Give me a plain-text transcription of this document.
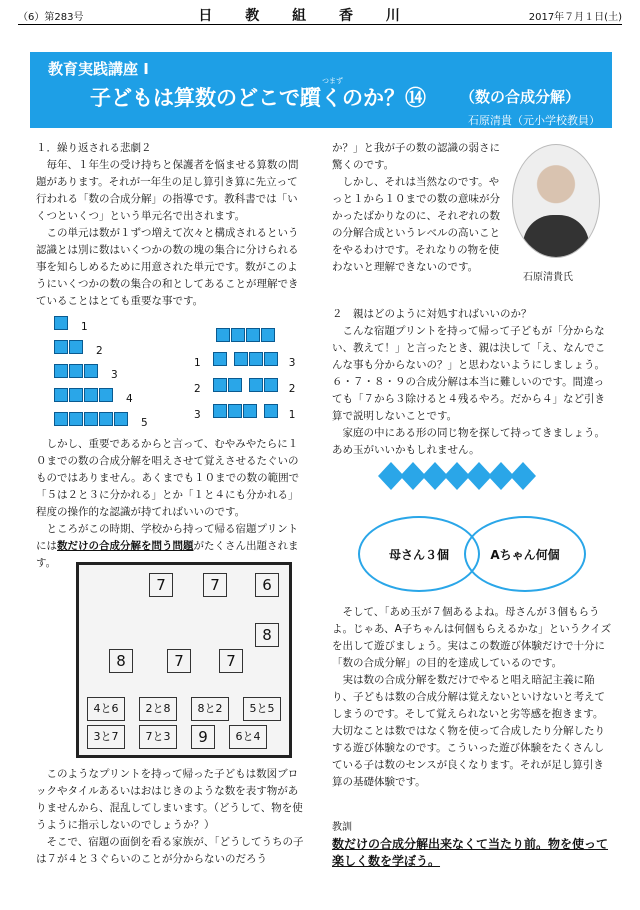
（6）第283号	日 教 組 香 川	2017年７月１日(土)
教育実践講座 Ⅰ
つまず
子どもは算数のどこで躓くのか？⑭ （数の合成分解）
石原清貴（元小学校教員）

１．繰り返される悲劇２

毎年、１年生の受け持ちと保護者を悩ませる算数の問題があります。それが一年生の足し算引き算に先立って行われる「数の合成分解」の指導です。教科書では「いくつといくつ」という単元名で出されます。

この単元は数が１ずつ増えて次々と構成されるという認識とは別に数はいくつかの数の塊の集合に分けられる事を知らしめるために用意された単元です。数がこのようにいくつかの数の集合の和としてあることが理解できていることはとても重要な事です。

1
2
3
4
5
1	3
2	2
3	1

しかし、重要であるからと言って、むやみやたらに１０までの数の合成分解を唱えさせて覚えさせるたぐいのものではありません。あくまでも１０までの数の範囲で「５は２と３に分かれる」とか「１と４にも分かれる」程度の操作的な認識が持てればいいのです。

ところがこの時期、学校から持って帰る宿題プリントには数だけの合成分解を問う問題がたくさん出題されます。

7	7	6
8	7	7
8
4と6	2と8	8と2	5と5
3と7	7と3	9	6と4

このようなプリントを持って帰った子どもは数図ブロックやタイルあるいはおはじきのような数を表す物がありませんから、混乱してしまいます。（どうして、物を使うように指示しないのでしょうか？）

そこで、宿題の面倒を看る家族が、「どうしてうちの子は７が４と３ぐらいのことが分からないのだろう

か？」と我が子の数の認識の弱さに驚くのです。

しかし、それは当然なのです。やっと１から１０までの数の意味が分かったばかりなのに、それぞれの数の分解合成というレベルの高いことをやるわけです。それなりの物を使わないと理解できないのです。

石原清貴氏

２　親はどのように対処すればいいのか？

こんな宿題プリントを持って帰って子どもが「分からない、教えて！」と言ったとき、親は決して「え、なんでこんな事も分からないの？」と思わないようにしましょう。６・７・８・９の合成分解は本当に難しいのです。間違っても「７から３除けると４残るやろ。だから４」など引き算で説明しないことです。

家庭の中にある形の同じ物を探して持ってきましょう。あめ玉がいいかもしれません。

母さん３個	Aちゃん何個

そして、「あめ玉が７個あるよね。母さんが３個もらうよ。じゃあ、A子ちゃんは何個もらえるかな」というクイズを出して遊びましょう。実はこの数遊び体験だけで十分に「数の合成分解」の目的を達成しているのです。

実は数の合成分解を数だけでやると唱え暗記主義に陥り、子どもは数の合成分解は覚えないといけないと考えてしまうのです。そして覚えられないと劣等感を抱きます。大切なことは数ではなく物を使って合成したり分解したりする遊び体験なのです。こういった遊び体験をたくさんしている子は数のセンスが良くなります。それが足し算引き算の基礎体験です。

教訓
数だけの合成分解出来なくて当たり前。物を使って楽しく数を学ぼう。
